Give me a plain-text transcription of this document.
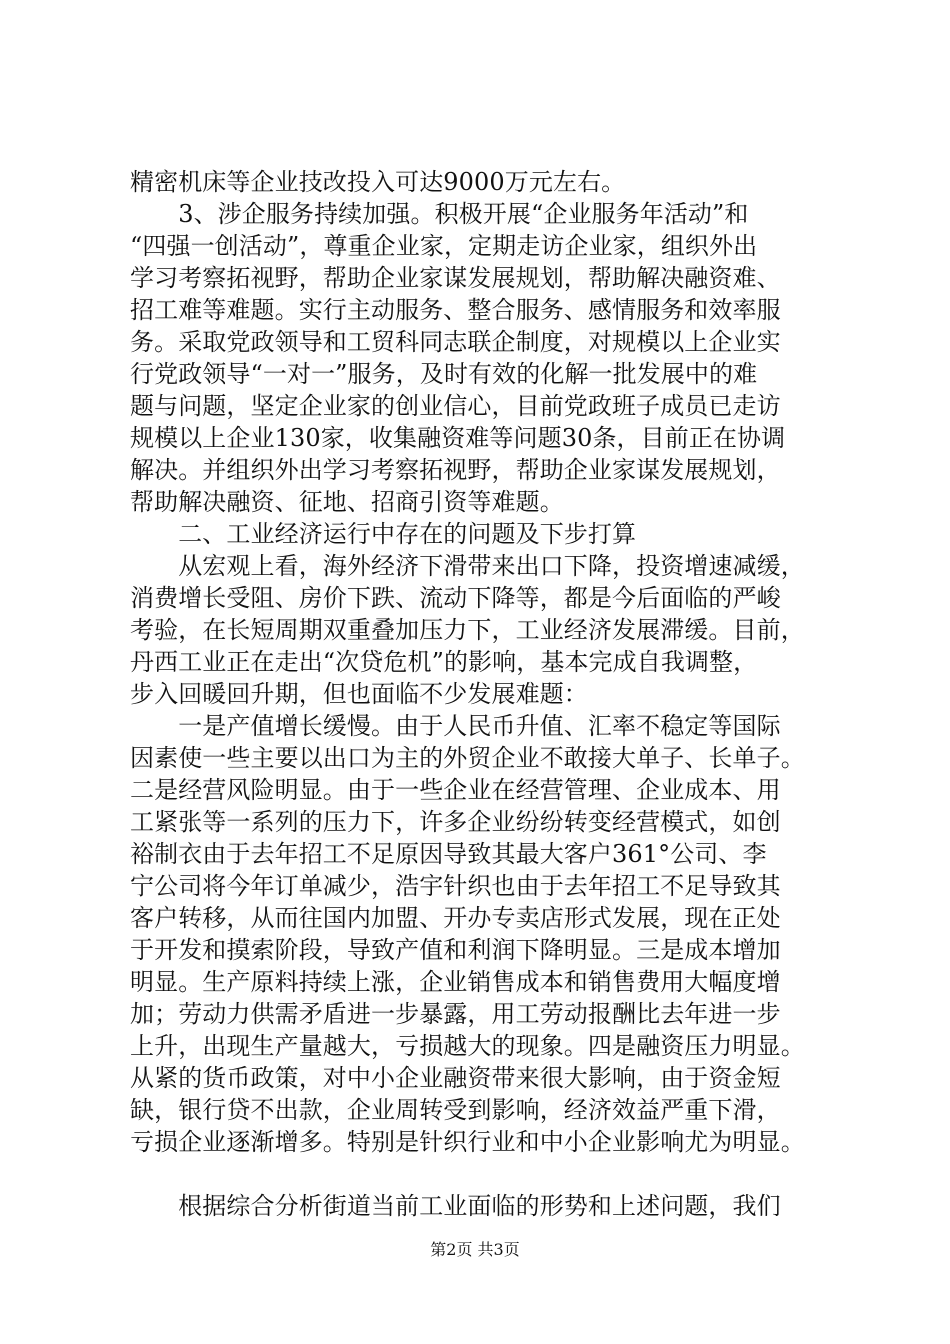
精密机床等企业技改投入可达9000万元左右。
　　3、涉企服务持续加强。积极开展“企业服务年活动”和
“四强一创活动”，尊重企业家，定期走访企业家，组织外出
学习考察拓视野，帮助企业家谋发展规划，帮助解决融资难、
招工难等难题。实行主动服务、整合服务、感情服务和效率服
务。采取党政领导和工贸科同志联企制度，对规模以上企业实
行党政领导“一对一”服务，及时有效的化解一批发展中的难
题与问题，坚定企业家的创业信心，目前党政班子成员已走访
规模以上企业130家，收集融资难等问题30条，目前正在协调
解决。并组织外出学习考察拓视野，帮助企业家谋发展规划，
帮助解决融资、征地、招商引资等难题。
　　二、工业经济运行中存在的问题及下步打算
　　从宏观上看，海外经济下滑带来出口下降，投资增速减缓，
消费增长受阻、房价下跌、流动下降等，都是今后面临的严峻
考验，在长短周期双重叠加压力下，工业经济发展滞缓。目前，
丹西工业正在走出“次贷危机”的影响，基本完成自我调整，
步入回暖回升期，但也面临不少发展难题：
　　一是产值增长缓慢。由于人民币升值、汇率不稳定等国际
因素使一些主要以出口为主的外贸企业不敢接大单子、长单子。
二是经营风险明显。由于一些企业在经营管理、企业成本、用
工紧张等一系列的压力下，许多企业纷纷转变经营模式，如创
裕制衣由于去年招工不足原因导致其最大客户361°公司、李
宁公司将今年订单减少，浩宇针织也由于去年招工不足导致其
客户转移，从而往国内加盟、开办专卖店形式发展，现在正处
于开发和摸索阶段，导致产值和利润下降明显。三是成本增加
明显。生产原料持续上涨，企业销售成本和销售费用大幅度增
加；劳动力供需矛盾进一步暴露，用工劳动报酬比去年进一步
上升，出现生产量越大，亏损越大的现象。四是融资压力明显。
从紧的货币政策，对中小企业融资带来很大影响，由于资金短
缺，银行贷不出款，企业周转受到影响，经济效益严重下滑，
亏损企业逐渐增多。特别是针织行业和中小企业影响尤为明显。
　　根据综合分析街道当前工业面临的形势和上述问题，我们
第2页 共3页
